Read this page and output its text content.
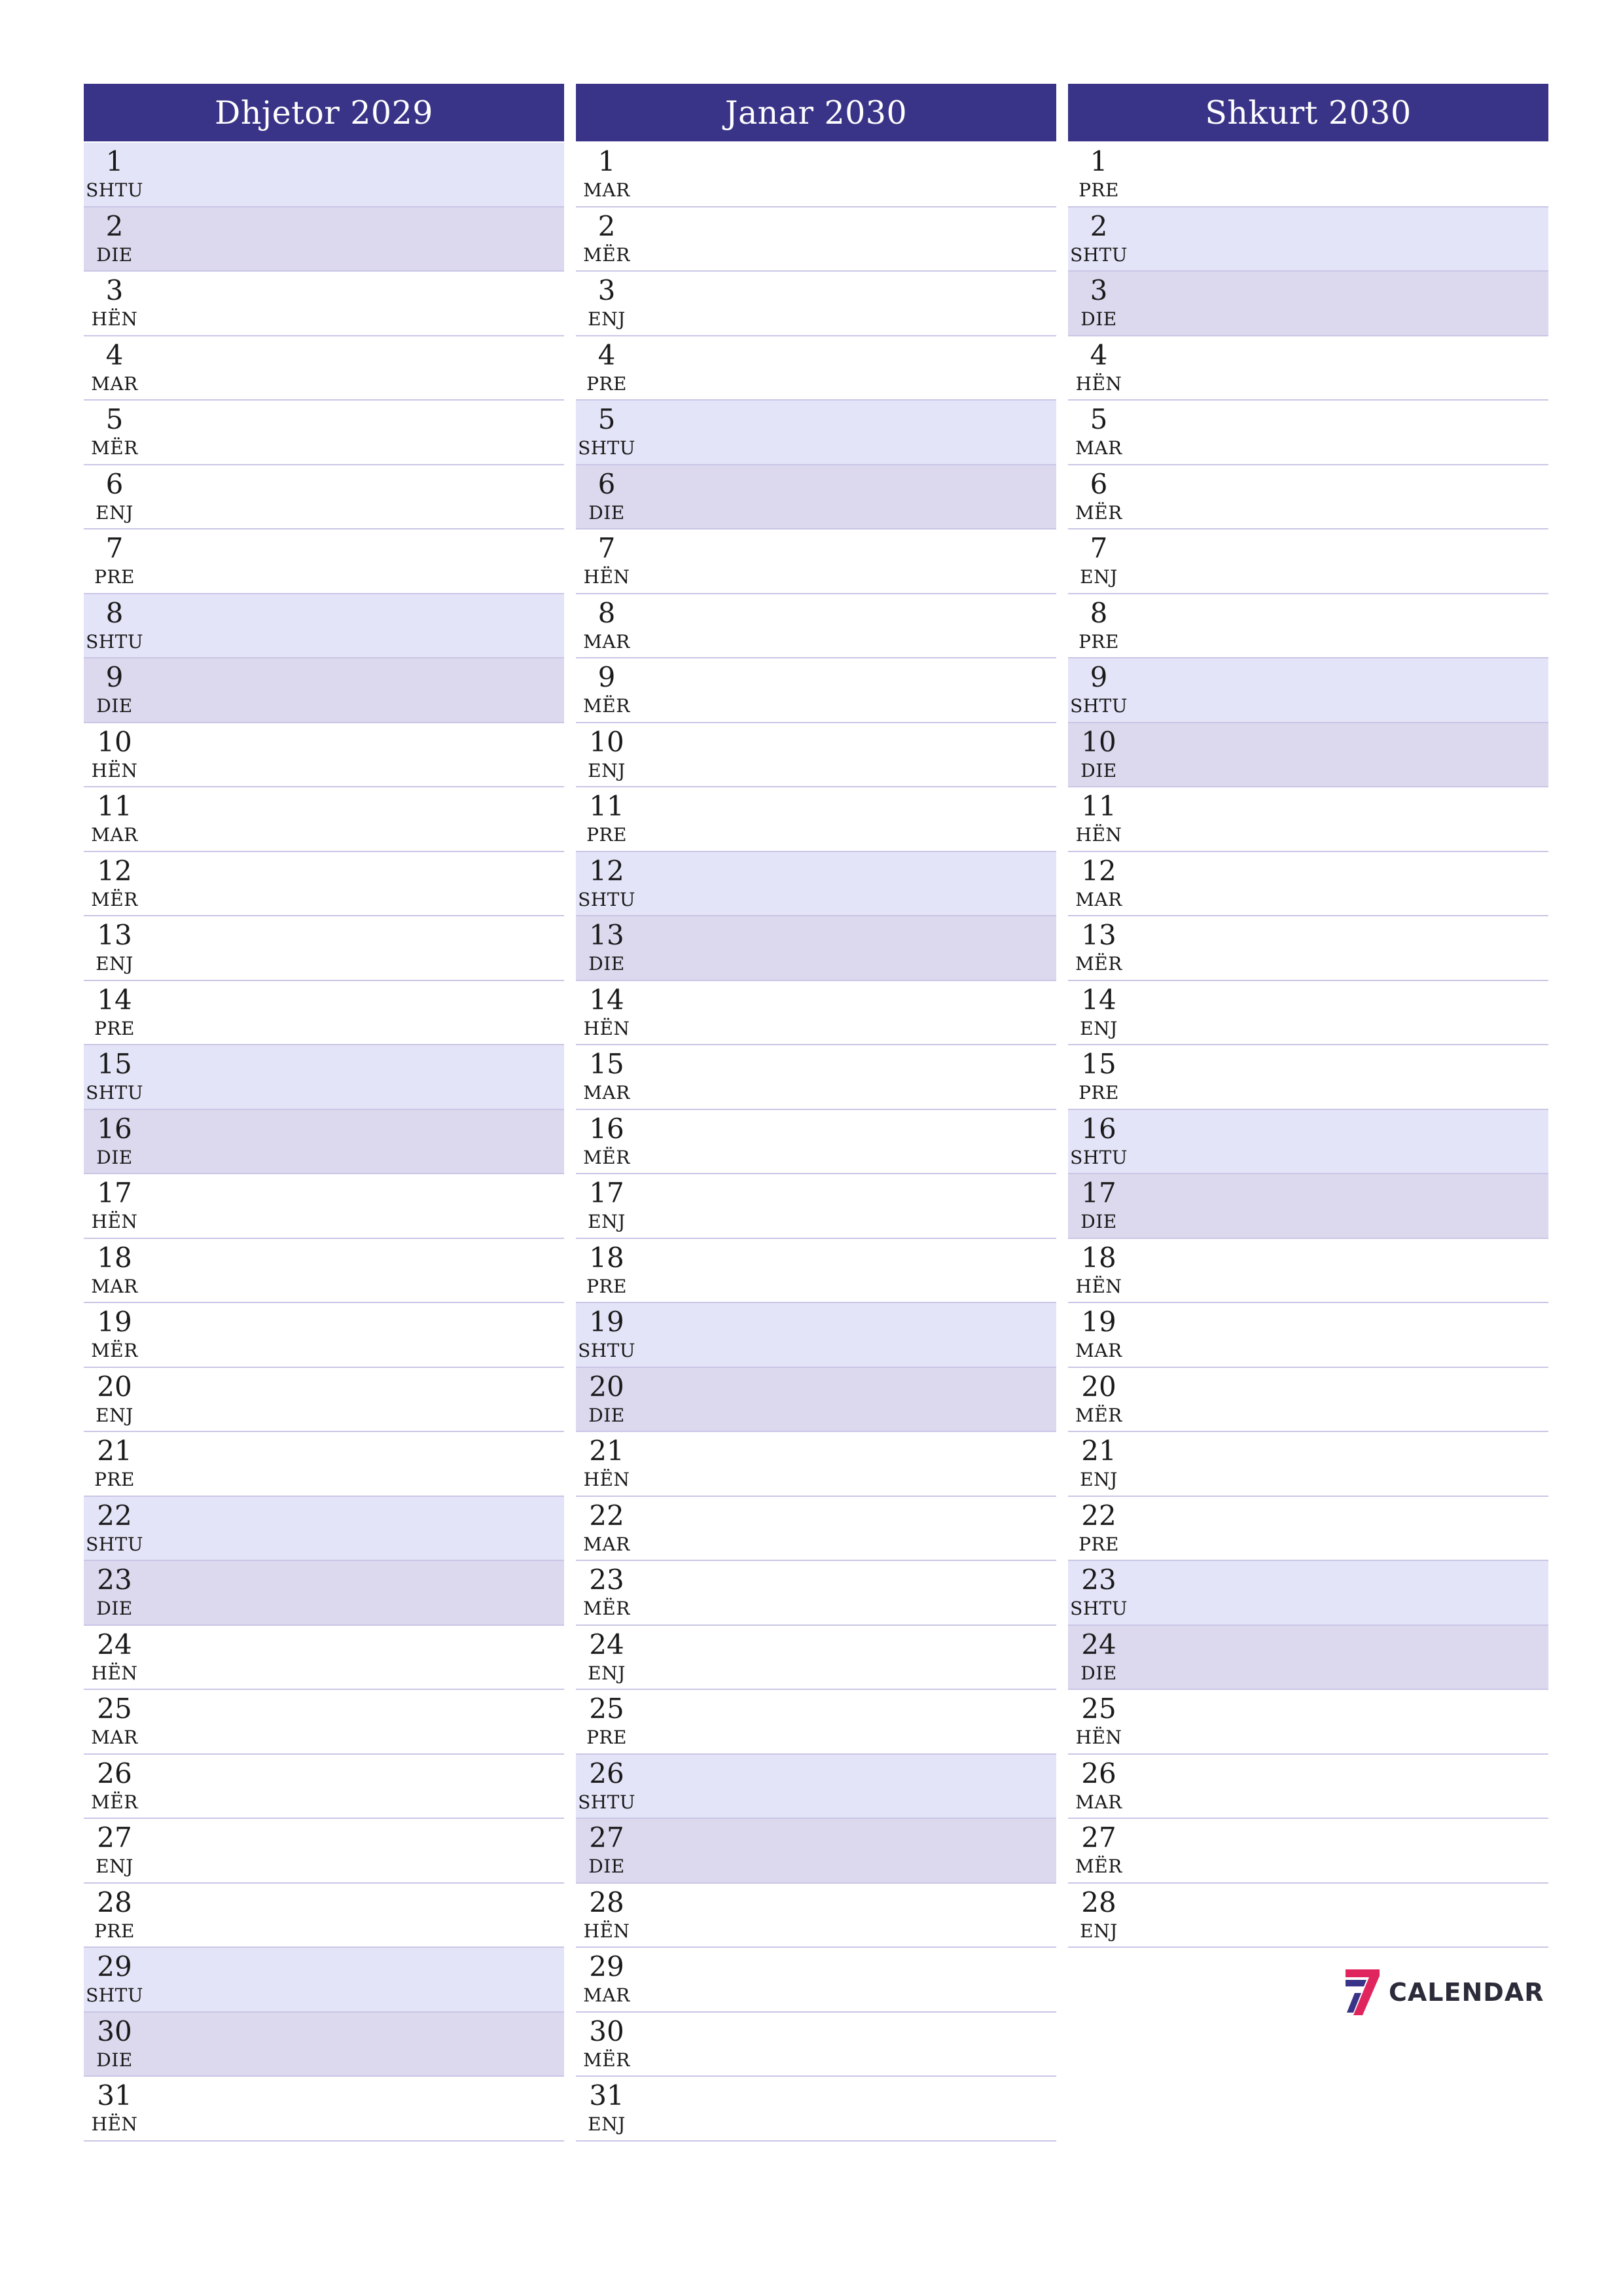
Dhjetor 2029
1
SHTU
2
DIE
3
HËN
4
MAR
5
MËR
6
ENJ
7
PRE
8
SHTU
9
DIE
10
HËN
11
MAR
12
MËR
13
ENJ
14
PRE
15
SHTU
16
DIE
17
HËN
18
MAR
19
MËR
20
ENJ
21
PRE
22
SHTU
23
DIE
24
HËN
25
MAR
26
MËR
27
ENJ
28
PRE
29
SHTU
30
DIE
31
HËN
Janar 2030
1
MAR
2
MËR
3
ENJ
4
PRE
5
SHTU
6
DIE
7
HËN
8
MAR
9
MËR
10
ENJ
11
PRE
12
SHTU
13
DIE
14
HËN
15
MAR
16
MËR
17
ENJ
18
PRE
19
SHTU
20
DIE
21
HËN
22
MAR
23
MËR
24
ENJ
25
PRE
26
SHTU
27
DIE
28
HËN
29
MAR
30
MËR
31
ENJ
Shkurt 2030
1
PRE
2
SHTU
3
DIE
4
HËN
5
MAR
6
MËR
7
ENJ
8
PRE
9
SHTU
10
DIE
11
HËN
12
MAR
13
MËR
14
ENJ
15
PRE
16
SHTU
17
DIE
18
HËN
19
MAR
20
MËR
21
ENJ
22
PRE
23
SHTU
24
DIE
25
HËN
26
MAR
27
MËR
28
ENJ
CALENDAR
